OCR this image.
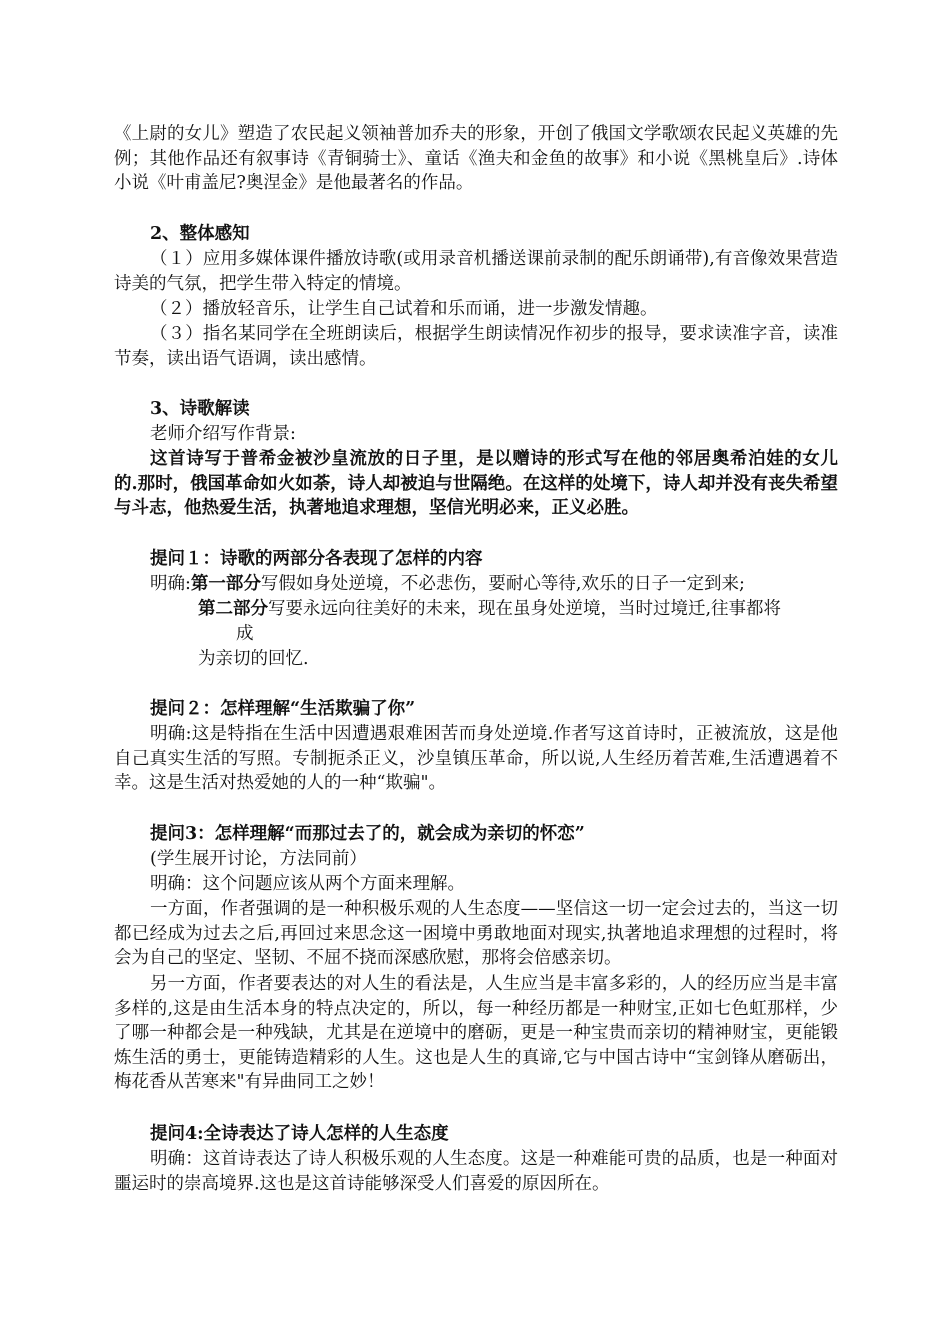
《上尉的女儿》塑造了农民起义领袖普加乔夫的形象，开创了俄国文学歌颂农民起义英雄的先例；其他作品还有叙事诗《青铜骑士》、童话《渔夫和金鱼的故事》和小说《黑桃皇后》.诗体小说《叶甫盖尼?奥涅金》是他最著名的作品。

2、整体感知

（１）应用多媒体课件播放诗歌(或用录音机播送课前录制的配乐朗诵带),有音像效果营造诗美的气氛，把学生带入特定的情境。

（２）播放轻音乐，让学生自己试着和乐而诵，进一步激发情趣。

（３）指名某同学在全班朗读后，根据学生朗读情况作初步的报导，要求读准字音，读准节奏，读出语气语调，读出感情。

3、诗歌解读

老师介绍写作背景:

这首诗写于普希金被沙皇流放的日子里，是以赠诗的形式写在他的邻居奥希泊娃的女儿的.那时，俄国革命如火如荼，诗人却被迫与世隔绝。在这样的处境下，诗人却并没有丧失希望与斗志，他热爱生活，执著地追求理想，坚信光明必来，正义必胜。

提问１：诗歌的两部分各表现了怎样的内容

明确:第一部分写假如身处逆境，不必悲伤，要耐心等待,欢乐的日子一定到来;

第二部分写要永远向往美好的未来，现在虽身处逆境，当时过境迁,往事都将

成

为亲切的回忆.

提问２：怎样理解“生活欺骗了你”

明确:这是特指在生活中因遭遇艰难困苦而身处逆境.作者写这首诗时，正被流放，这是他自己真实生活的写照。专制扼杀正义，沙皇镇压革命，所以说,人生经历着苦难,生活遭遇着不幸。这是生活对热爱她的人的一种“欺骗"。

提问3：怎样理解“而那过去了的，就会成为亲切的怀恋”

(学生展开讨论，方法同前）

明确：这个问题应该从两个方面来理解。

一方面，作者强调的是一种积极乐观的人生态度——坚信这一切一定会过去的，当这一切都已经成为过去之后,再回过来思念这一困境中勇敢地面对现实,执著地追求理想的过程时，将会为自己的坚定、坚韧、不屈不挠而深感欣慰，那将会倍感亲切。

另一方面，作者要表达的对人生的看法是，人生应当是丰富多彩的，人的经历应当是丰富多样的,这是由生活本身的特点决定的，所以，每一种经历都是一种财宝,正如七色虹那样，少了哪一种都会是一种残缺，尤其是在逆境中的磨砺，更是一种宝贵而亲切的精神财宝，更能锻炼生活的勇士，更能铸造精彩的人生。这也是人生的真谛,它与中国古诗中“宝剑锋从磨砺出，梅花香从苦寒来"有异曲同工之妙！

提问4:全诗表达了诗人怎样的人生态度

明确：这首诗表达了诗人积极乐观的人生态度。这是一种难能可贵的品质，也是一种面对噩运时的崇高境界.这也是这首诗能够深受人们喜爱的原因所在。
